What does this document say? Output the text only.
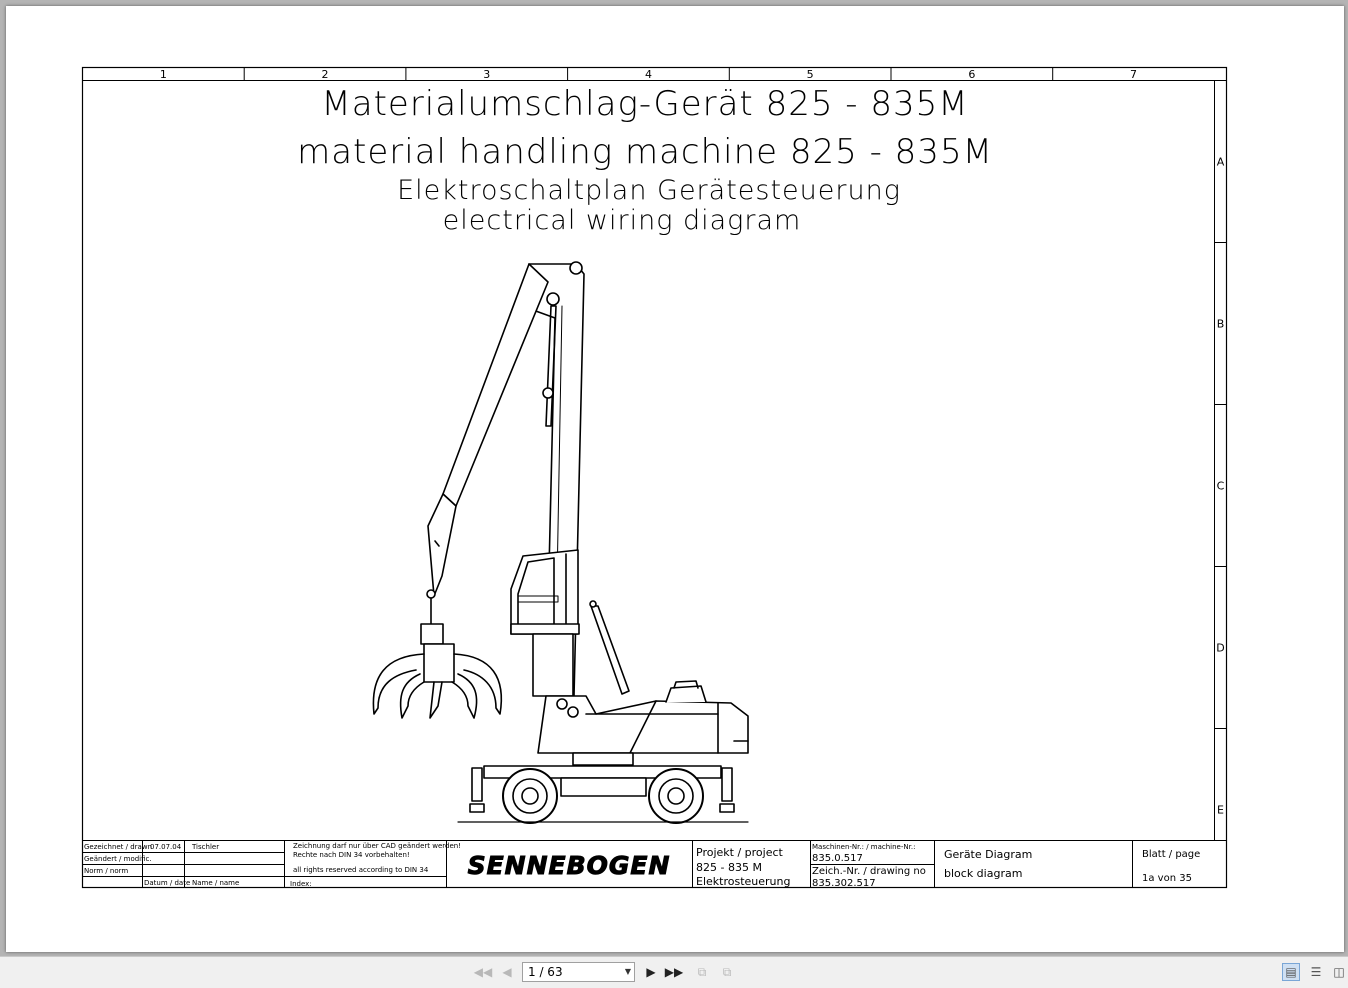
1	2	3	4	5	6	7
A
B
C
D
E
Materialumschlag-Gerät 825 - 835M
material handling machine 825 - 835M
Elektroschaltplan Gerätesteuerung
electrical wiring diagram
Gezeichnet / drawn
07.07.04 Tischler
Geändert / modific.
Norm / norm
Datum / date Name / name
Zeichnung darf nur über CAD geändert werden!
Rechte nach DIN 34 vorbehalten!
all rights reserved according to DIN 34
Index:
SENNEBOGEN Projekt / project
825 - 835 M
Elektrosteuerung
Maschinen-Nr.: / machine-Nr.:
835.0.517
Zeich.-Nr. / drawing no
835.302.517
Geräte Diagram
block diagram
Blatt / page
1a von 35
◀◀ ◀	1 / 63	▼	▶ ▶▶	⧉	⧉	▤	☰ ◫
